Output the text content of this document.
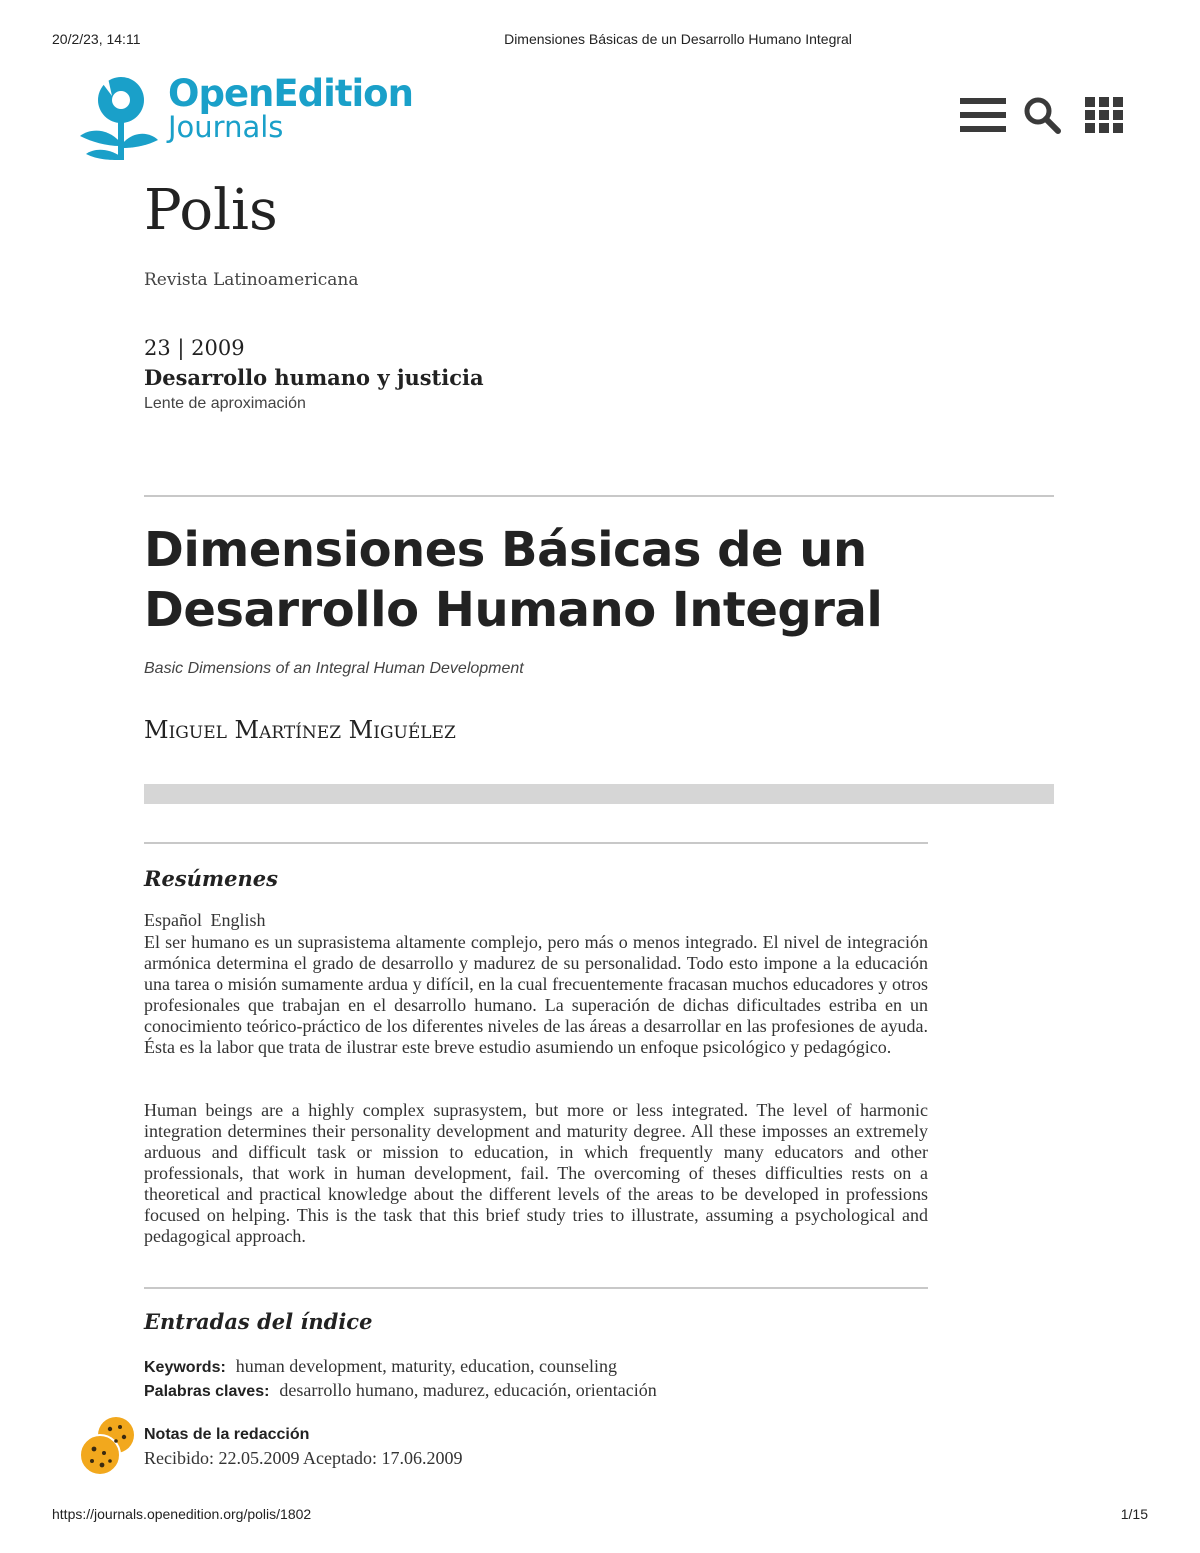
20/2/23, 14:11	Dimensiones Básicas de un Desarrollo Humano Integral
OpenEdition
Journals
Polis
Revista Latinoamericana
23 | 2009
Desarrollo humano y justicia
Lente de aproximación
Dimensiones Básicas de un Desarrollo Humano Integral
Basic Dimensions of an Integral Human Development
Miguel Martínez Miguélez
Resúmenes
Español English

El ser humano es un suprasistema altamente complejo, pero más o menos integrado. El nivel de integración armónica determina el grado de desarrollo y madurez de su personalidad. Todo esto impone a la educación una tarea o misión sumamente ardua y difícil, en la cual frecuentemente fracasan muchos educadores y otros profesionales que trabajan en el desarrollo humano. La superación de dichas dificultades estriba en un conocimiento teórico-práctico de los diferentes niveles de las áreas a desarrollar en las profesiones de ayuda. Ésta es la labor que trata de ilustrar este breve estudio asumiendo un enfoque psicológico y pedagógico.

Human beings are a highly complex suprasystem, but more or less integrated. The level of harmonic integration determines their personality development and maturity degree. All these imposses an extremely arduous and difficult task or mission to education, in which frequently many educators and other professionals, that work in human development, fail. The overcoming of theses difficulties rests on a theoretical and practical knowledge about the different levels of the areas to be developed in professions focused on helping. This is the task that this brief study tries to illustrate, assuming a psychological and pedagogical approach.

Entradas del índice
Keywords: human development, maturity, education, counseling
Palabras claves: desarrollo humano, madurez, educación, orientación
Notas de la redacción
Recibido: 22.05.2009 Aceptado: 17.06.2009
https://journals.openedition.org/polis/1802	1/15
